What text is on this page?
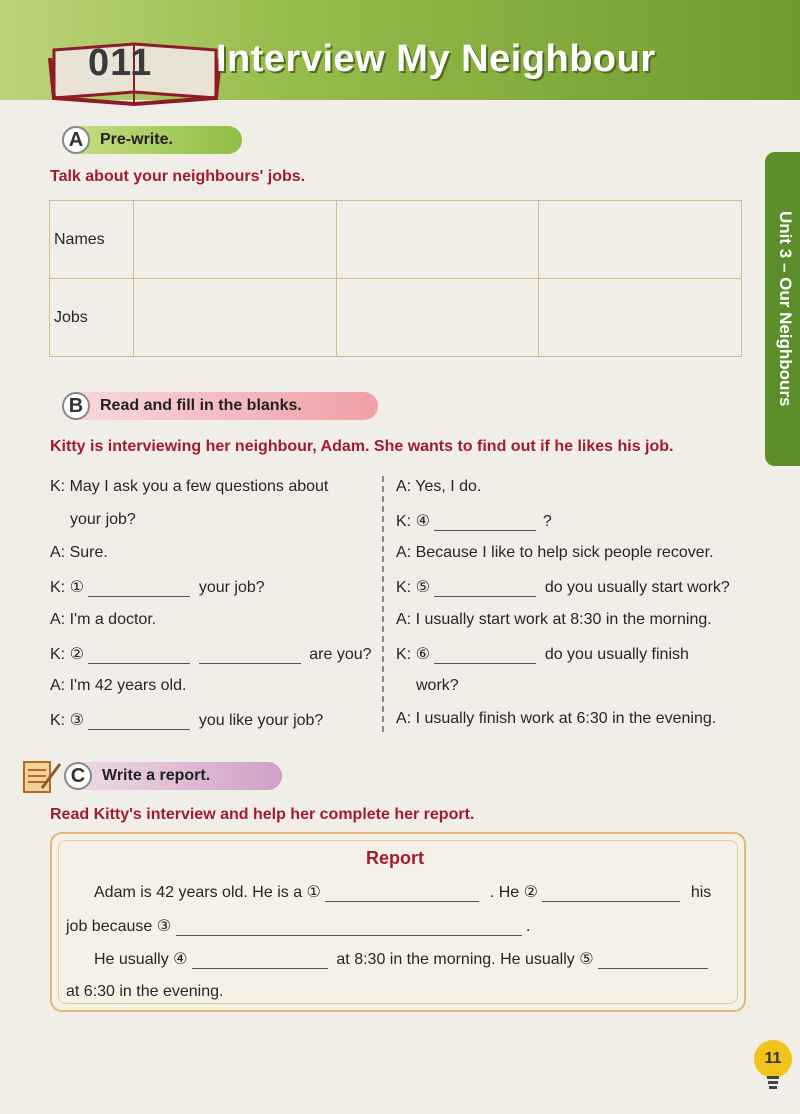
011 Interview My Neighbour
Unit 3 – Our Neighbours
A	Pre-write.
Talk about your neighbours' jobs.
Names			
Jobs			
B	Read and fill in the blanks.
Kitty is interviewing her neighbour, Adam. She wants to find out if he likes his job.
K: May I ask you a few questions about
your job?
A: Sure.
K: ①	your job?
A: I'm a doctor.
K: ②	are you?
A: I'm 42 years old.
K: ③	you like your job?
A: Yes, I do.
K: ④	?
A: Because I like to help sick people recover.
K: ⑤	do you usually start work?
A: I usually start work at 8:30 in the morning.
K: ⑥	do you usually finish
work?
A: I usually finish work at 6:30 in the evening.
C	Write a report.
Read Kitty's interview and help her complete her report.
Report
Adam is 42 years old. He is a ①	. He ②	his
job because ③	.
He usually ④	at 8:30 in the morning. He usually ⑤
at 6:30 in the evening.
11
